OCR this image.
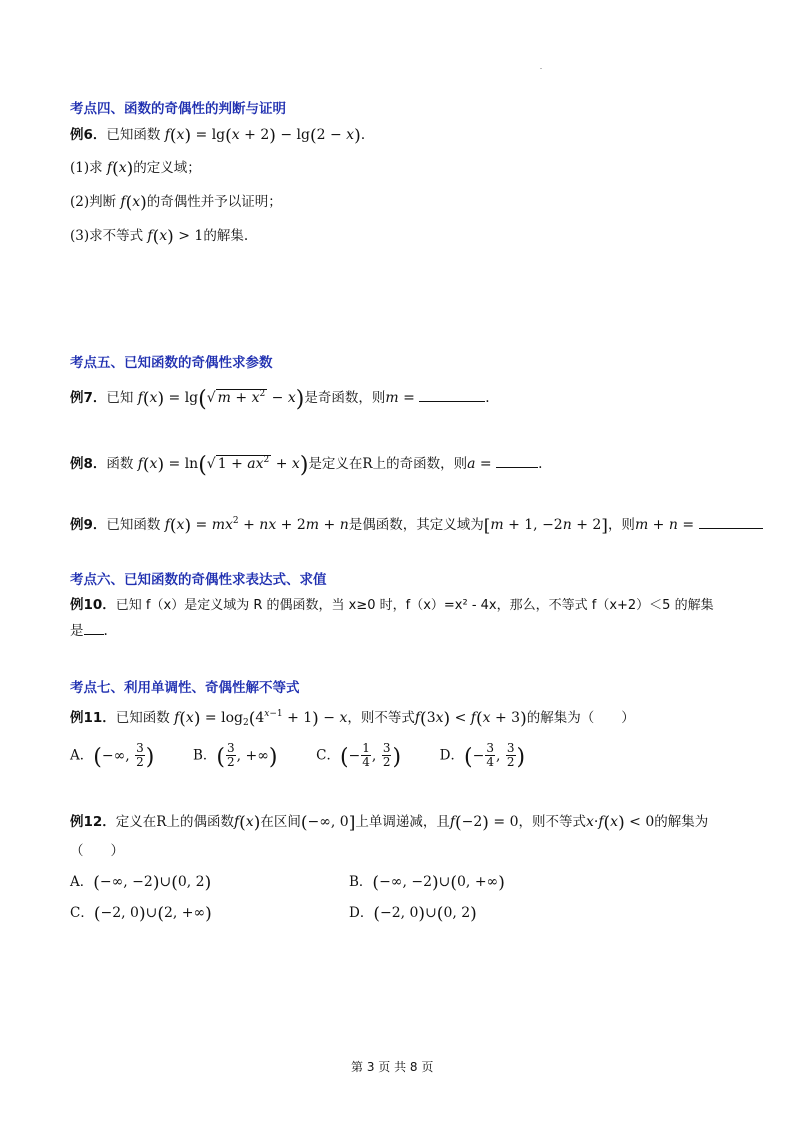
考点四、函数的奇偶性的判断与证明
例6．已知函数 f(x) = lg(x + 2) − lg(2 − x).
(1)求 f(x)的定义域；
(2)判断 f(x)的奇偶性并予以证明；
(3)求不等式 f(x) > 1的解集.
考点五、已知函数的奇偶性求参数
例7．已知 f(x) = lg(√ $m + x^2 - x$)是奇函数，则m =	.
例8．函数 f(x) = ln(√ $1 + ax^2 + x$)是定义在R上的奇函数，则a =	.
例9．已知函数 $f(x) = mx^2$ + nx + 2m + n是偶函数，其定义域为[m + 1, −2n + 2]，则m + n =
考点六、已知函数的奇偶性求表达式、求值
例10．已知 f（x）是定义域为 R 的偶函数，当 x≥0 时，f（x）=x² - 4x，那么，不等式 f（x+2）＜5 的解集
是 .
考点七、利用单调性、奇偶性解不等式
例11．已知函数 $f(x) = \log_2(4^{x-1} + 1) - x$，则不等式f(3x) < f(x + 3)的解集为（　　）
A．(−∞, $\frac{3}{2}$ )	B．( $\frac{3}{2}$ , +∞)	C．(− $\frac{1}{4}$ , $\frac{3}{2}$ )	D．(− $\frac{3}{4}$ , $\frac{3}{2}$ )
例12．定义在R上的偶函数f(x)在区间(−∞, 0]上单调递减，且f(−2) = 0，则不等式x·f(x) < 0的解集为
（　　）
A．(−∞, −2)∪(0, 2)	B．(−∞, −2)∪(0, +∞)
C．(−2, 0)∪(2, +∞)	D．(−2, 0)∪(0, 2)
第 3 页 共 8 页
